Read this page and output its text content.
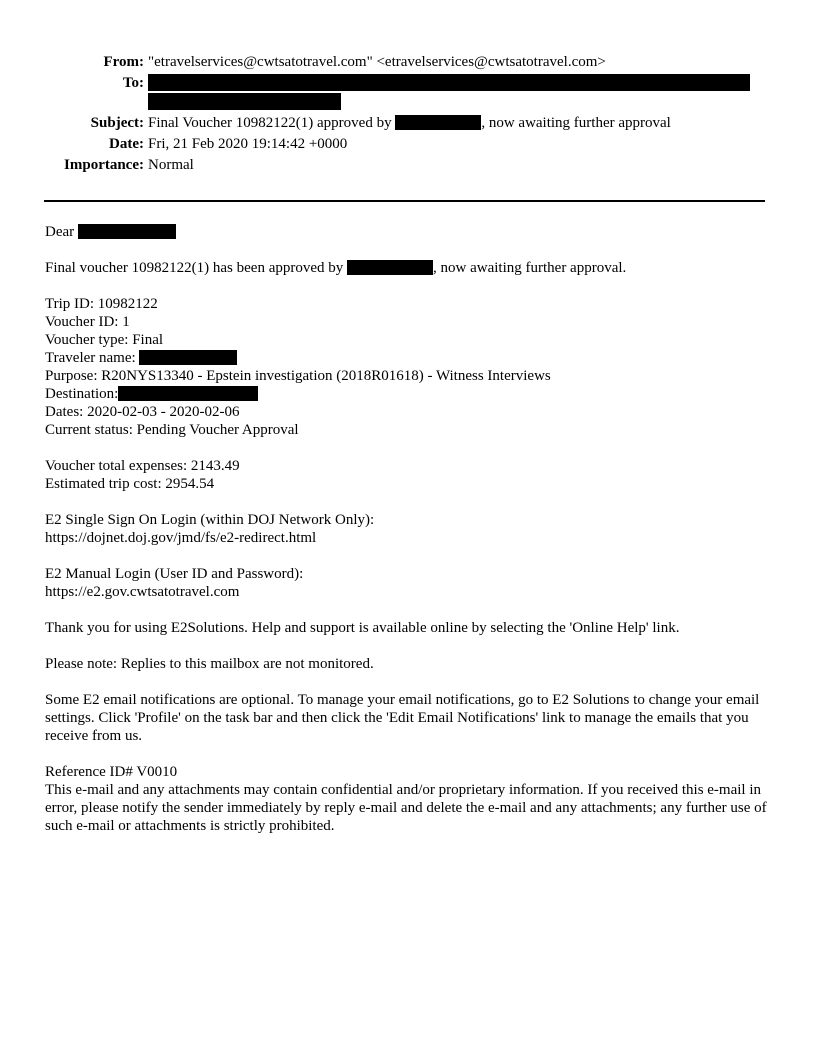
From: "etravelservices@cwtsatotravel.com" <etravelservices@cwtsatotravel.com>
To:
Subject: Final Voucher 10982122(1) approved by	, now awaiting further approval
Date: Fri, 21 Feb 2020 19:14:42 +0000
Importance: Normal

Dear

Final voucher 10982122(1) has been approved by	, now awaiting further approval.

Trip ID: 10982122
Voucher ID: 1
Voucher type: Final
Traveler name:
Purpose: R20NYS13340 - Epstein investigation (2018R01618) - Witness Interviews
Destination:
Dates: 2020-02-03 - 2020-02-06
Current status: Pending Voucher Approval

Voucher total expenses: 2143.49
Estimated trip cost: 2954.54

E2 Single Sign On Login (within DOJ Network Only):
https://dojnet.doj.gov/jmd/fs/e2-redirect.html

E2 Manual Login (User ID and Password):
https://e2.gov.cwtsatotravel.com

Thank you for using E2Solutions. Help and support is available online by selecting the 'Online Help' link.

Please note: Replies to this mailbox are not monitored.

Some E2 email notifications are optional. To manage your email notifications, go to E2 Solutions to change your email settings. Click 'Profile' on the task bar and then click the 'Edit Email Notifications' link to manage the emails that you receive from us.

Reference ID# V0010
This e-mail and any attachments may contain confidential and/or proprietary information. If you received this e-mail in error, please notify the sender immediately by reply e-mail and delete the e-mail and any attachments; any further use of such e-mail or attachments is strictly prohibited.
